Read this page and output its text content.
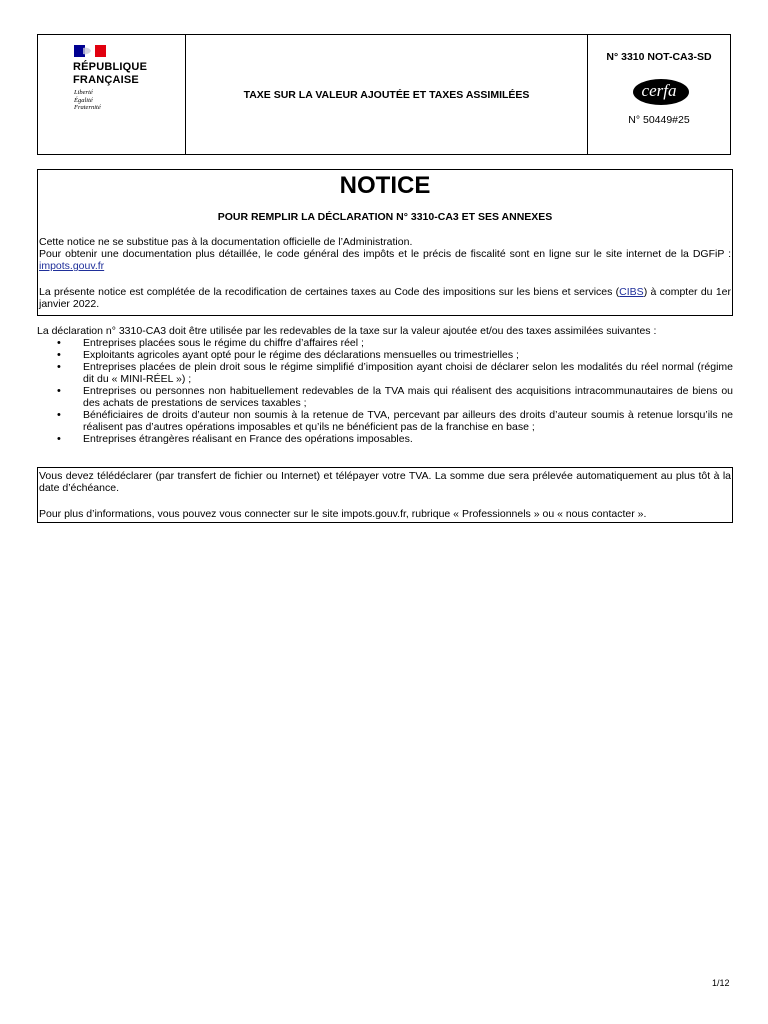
RÉPUBLIQUE
FRANÇAISE
Liberté
Égalité
Fraternité
TAXE SUR LA VALEUR AJOUTÉE ET TAXES ASSIMILÉES
N° 3310 NOT-CA3-SD
cerfa
N° 50449#25
NOTICE
POUR REMPLIR LA DÉCLARATION N° 3310-CA3 ET SES ANNEXES

Cette notice ne se substitue pas à la documentation officielle de l’Administration.

Pour obtenir une documentation plus détaillée, le code général des impôts et le précis de fiscalité sont en ligne sur le site internet de la DGFiP : impots.gouv.fr

La présente notice est complétée de la recodification de certaines taxes au Code des impositions sur les biens et services (CIBS) à compter du 1er janvier 2022.

La déclaration n° 3310-CA3 doit être utilisée par les redevables de la taxe sur la valeur ajoutée et/ou des taxes assimilées suivantes :

• Entreprises placées sous le régime du chiffre d’affaires réel ;
• Exploitants agricoles ayant opté pour le régime des déclarations mensuelles ou trimestrielles ;
• Entreprises placées de plein droit sous le régime simplifié d’imposition ayant choisi de déclarer selon les modalités du réel normal (régime dit du « MINI-RÉEL ») ;
• Entreprises ou personnes non habituellement redevables de la TVA mais qui réalisent des acquisitions intracommunautaires de biens ou des achats de prestations de services taxables ;
• Bénéficiaires de droits d’auteur non soumis à la retenue de TVA, percevant par ailleurs des droits d’auteur soumis à retenue lorsqu’ils ne réalisent pas d’autres opérations imposables et qu’ils ne bénéficient pas de la franchise en base ;
• Entreprises étrangères réalisant en France des opérations imposables.

Vous devez télédéclarer (par transfert de fichier ou Internet) et télépayer votre TVA. La somme due sera prélevée automatiquement au plus tôt à la date d’échéance.

Pour plus d’informations, vous pouvez vous connecter sur le site impots.gouv.fr, rubrique « Professionnels » ou « nous contacter ».

1/12
